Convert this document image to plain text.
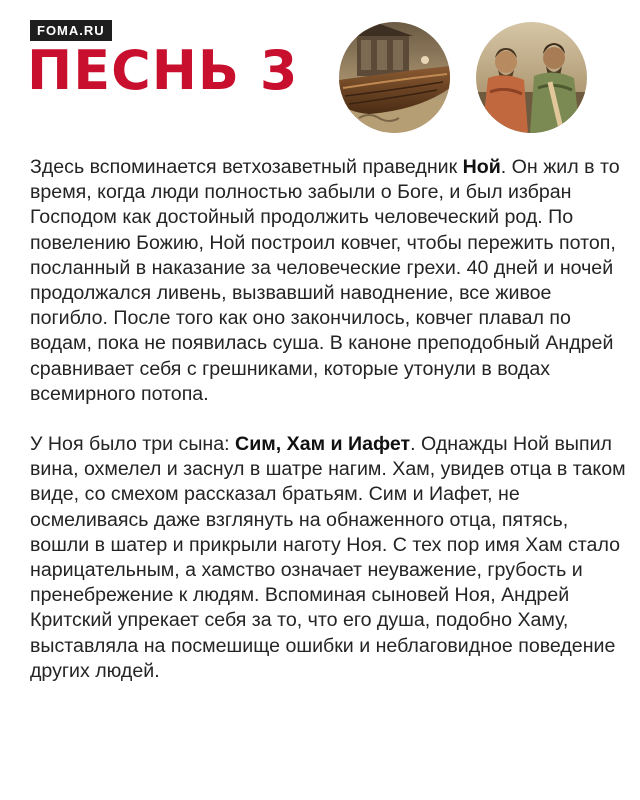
FOMA.RU
ПЕСНЬ 3

Здесь вспоминается ветхозаветный праведник Ной. Он жил в то время, когда люди полностью забыли о Боге, и был избран Господом как достойный продолжить человеческий род. По повелению Божию, Ной построил ковчег, чтобы пережить потоп, посланный в наказание за человеческие грехи. 40 дней и ночей продолжался ливень, вызвавший наводнение, все живое погибло. После того как оно закончилось, ковчег плавал по водам, пока не появилась суша. В каноне преподобный Андрей сравнивает себя с грешниками, которые утонули в водах всемирного потопа.

У Ноя было три сына: Сим, Хам и Иафет. Однажды Ной выпил вина, охмелел и заснул в шатре нагим. Хам, увидев отца в таком виде, со смехом рассказал братьям. Сим и Иафет, не осмеливаясь даже взглянуть на обнаженного отца, пятясь, вошли в шатер и прикрыли наготу Ноя. С тех пор имя Хам стало нарицательным, а хамство означает неуважение, грубость и пренебрежение к людям. Вспоминая сыновей Ноя, Андрей Критский упрекает себя за то, что его душа, подобно Хаму, выставляла на посмешище ошибки и неблаговидное поведение других людей.
